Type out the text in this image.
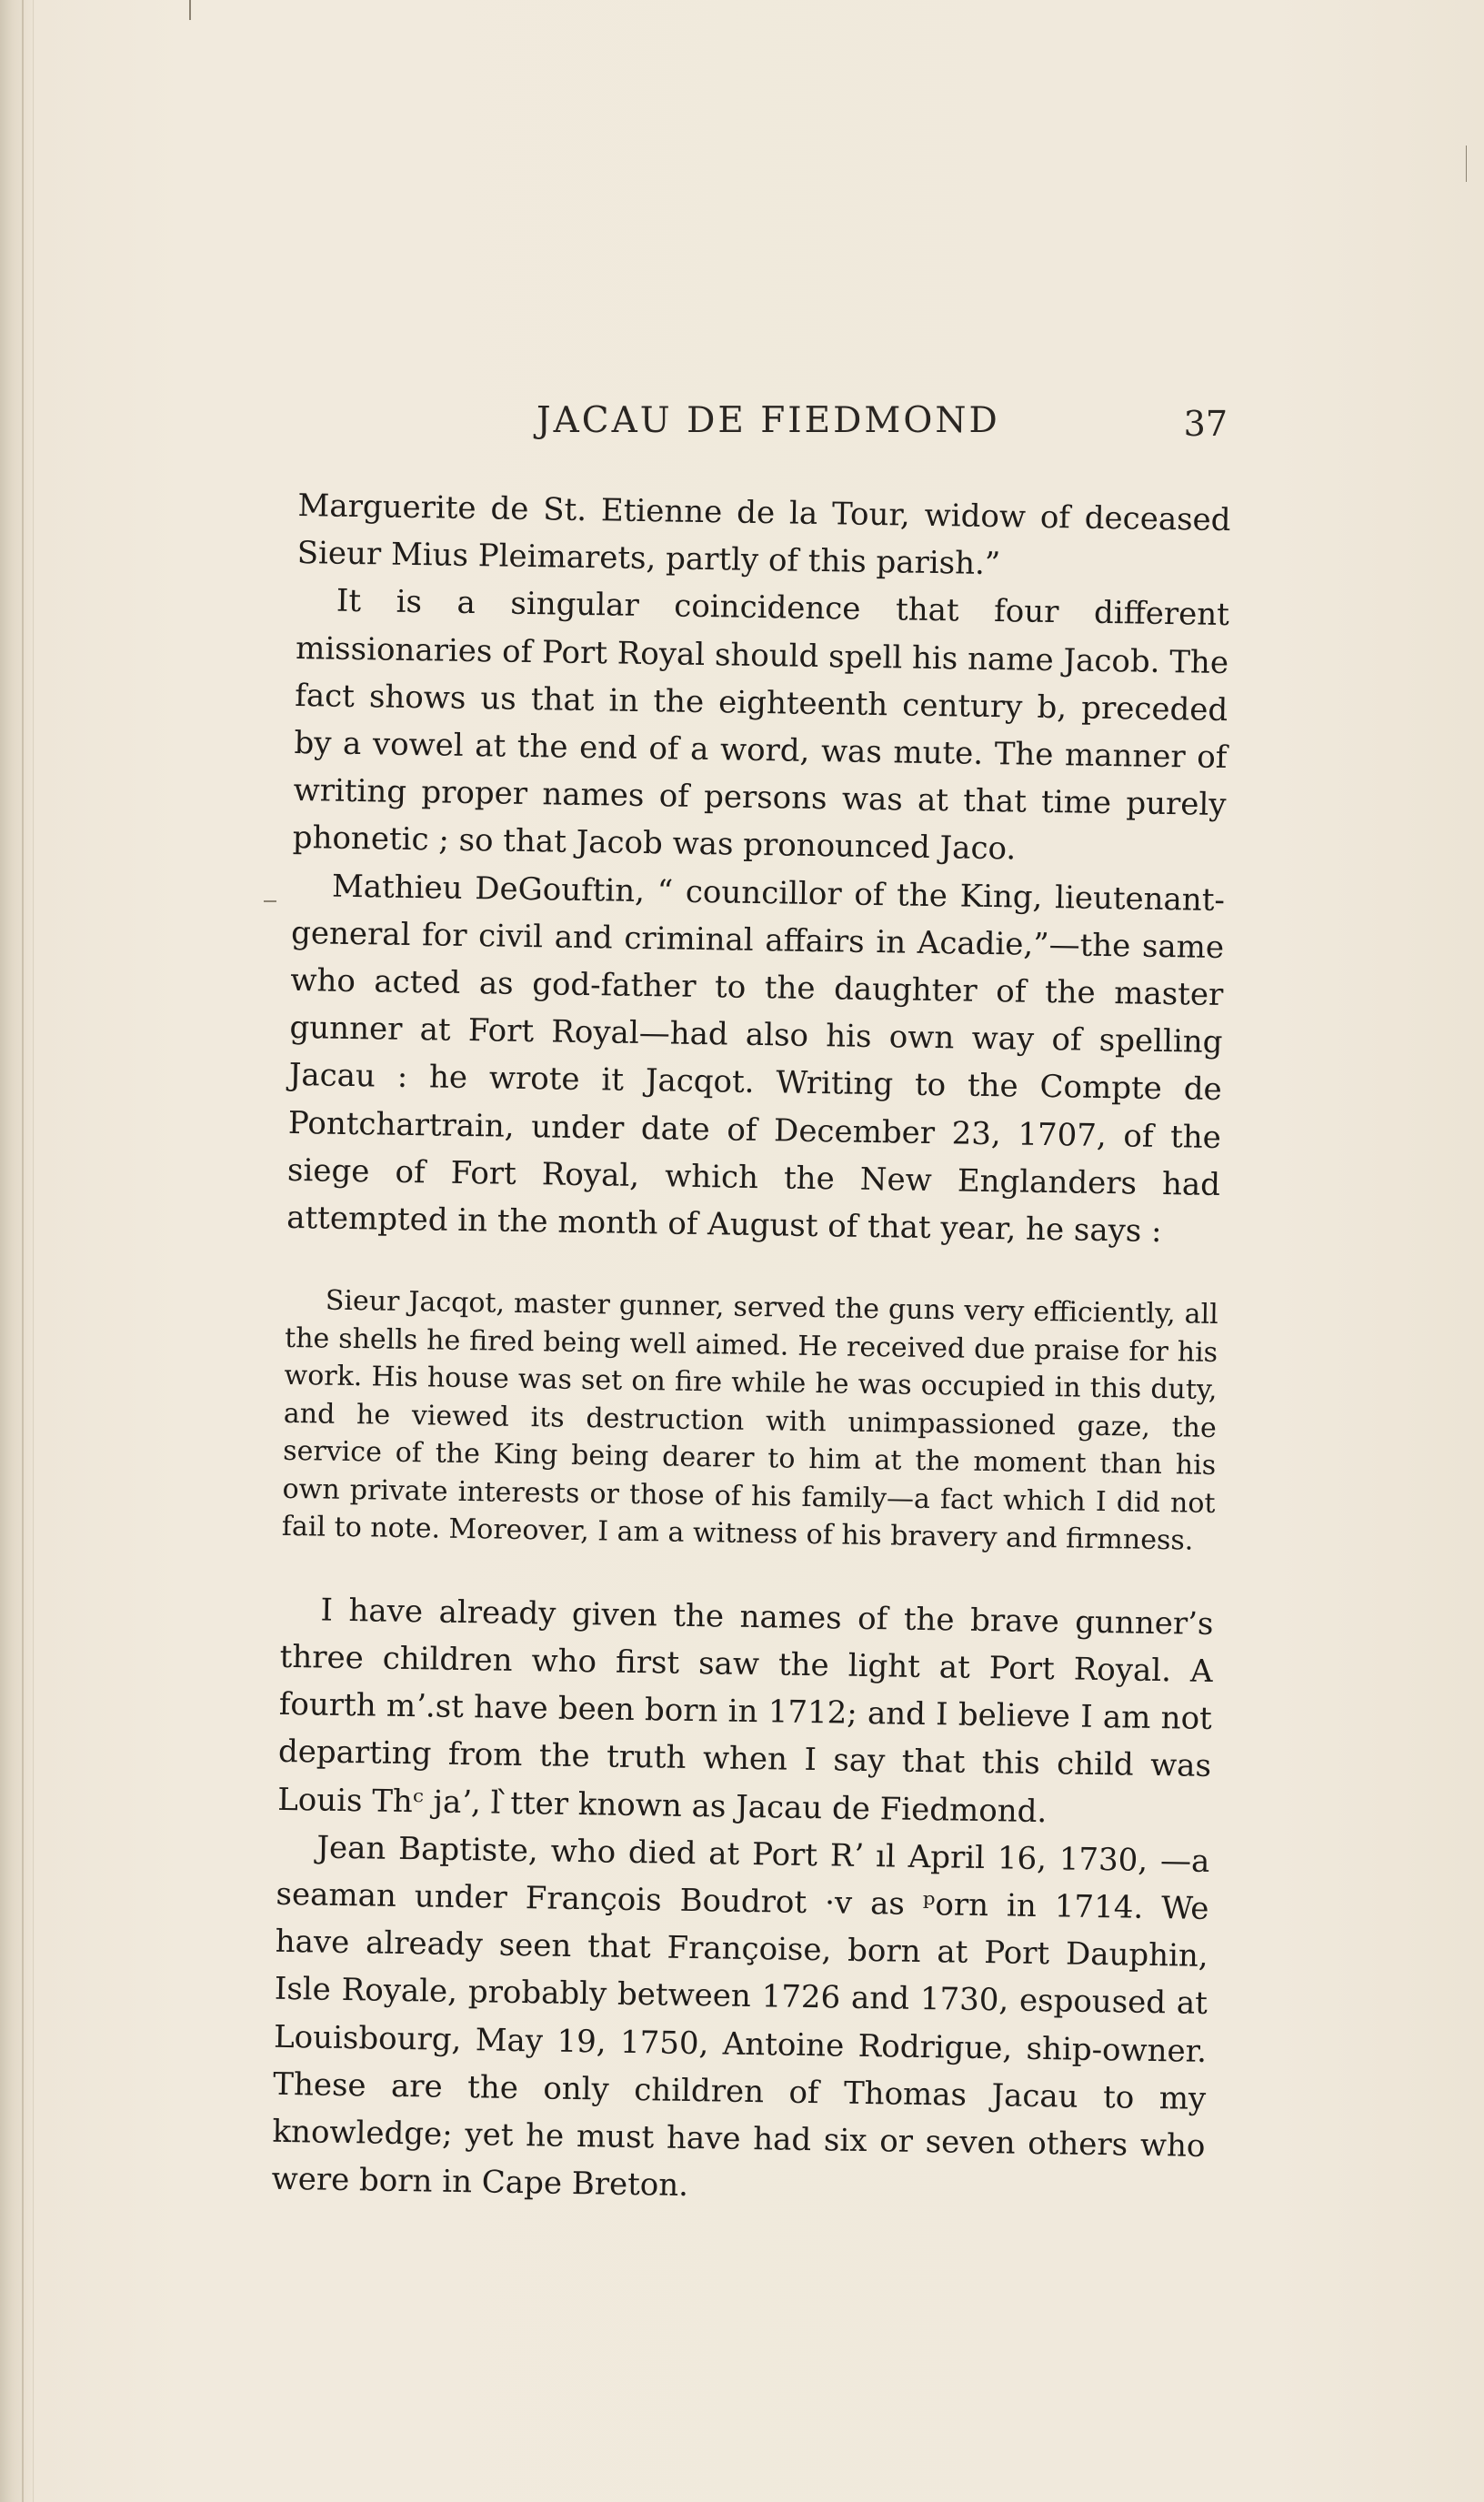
JACAU DE FIEDMOND	37

Marguerite de St. Etienne de la Tour, widow of deceased Sieur Mius Pleimarets, partly of this parish.”

It is a singular coincidence that four different missionaries of Port Royal should spell his name Jacob. The fact shows us that in the eighteenth century b, preceded by a vowel at the end of a word, was mute. The manner of writing proper names of persons was at that time purely phonetic ; so that Jacob was pronounced Jaco.

Mathieu DeGouftin, “ councillor of the King, lieutenant-general for civil and criminal affairs in Acadie,”—the same who acted as god-father to the daughter of the master gunner at Fort Royal—had also his own way of spelling Jacau : he wrote it Jacqot. Writing to the Compte de Pontchartrain, under date of December 23, 1707, of the siege of Fort Royal, which the New Englanders had attempted in the month of August of that year, he says :

Sieur Jacqot, master gunner, served the guns very efficiently, all the shells he fired being well aimed. He received due praise for his work. His house was set on fire while he was occupied in this duty, and he viewed its destruction with unimpassioned gaze, the service of the King being dearer to him at the moment than his own private interests or those of his family—a fact which I did not fail to note. Moreover, I am a witness of his bravery and firmness.

I have already given the names of the brave gunner’s three children who first saw the light at Port Royal. A fourth mʼ.st have been born in 1712; and I believe I am not departing from the truth when I say that this child was Louis Thᶜ jaʼ, l ̀tter known as Jacau de Fiedmond.

Jean Baptiste, who died at Port Rʼ ıl April 16, 1730, —a seaman under François Boudrot ·v as ᵖorn in 1714. We have already seen that Françoise, born at Port Dauphin, Isle Royale, probably between 1726 and 1730, espoused at Louisbourg, May 19, 1750, Antoine Rodrigue, ship-owner. These are the only children of Thomas Jacau to my knowledge; yet he must have had six or seven others who were born in Cape Breton.
